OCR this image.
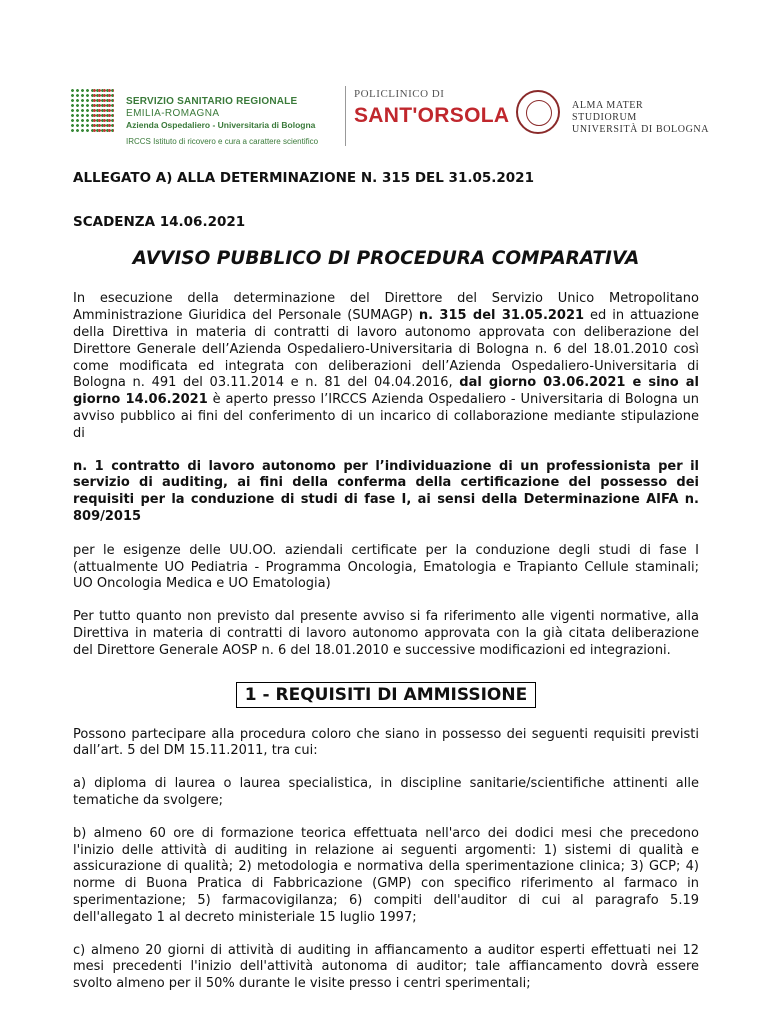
SERVIZIO SANITARIO REGIONALE
EMILIA-ROMAGNA
Azienda Ospedaliero - Universitaria di Bologna
IRCCS Istituto di ricovero e cura a carattere scientifico
POLICLINICO DI
SANT'ORSOLA	ALMA MATER STUDIORUM
UNIVERSITÀ DI BOLOGNA
ALLEGATO A) ALLA DETERMINAZIONE N. 315 DEL 31.05.2021
SCADENZA 14.06.2021
AVVISO PUBBLICO DI PROCEDURA COMPARATIVA

In esecuzione della determinazione del Direttore del Servizio Unico Metropolitano Amministrazione Giuridica del Personale (SUMAGP) n. 315 del 31.05.2021 ed in attuazione della Direttiva in materia di contratti di lavoro autonomo approvata con deliberazione del Direttore Generale dell’Azienda Ospedaliero-Universitaria di Bologna n. 6 del 18.01.2010 così come modificata ed integrata con deliberazioni dell’Azienda Ospedaliero-Universitaria di Bologna n. 491 del 03.11.2014 e n. 81 del 04.04.2016, dal giorno 03.06.2021 e sino al giorno 14.06.2021 è aperto presso l’IRCCS Azienda Ospedaliero - Universitaria di Bologna un avviso pubblico ai fini del conferimento di un incarico di collaborazione mediante stipulazione di

n. 1 contratto di lavoro autonomo per l’individuazione di un professionista per il servizio di auditing, ai fini della conferma della certificazione del possesso dei requisiti per la conduzione di studi di fase I, ai sensi della Determinazione AIFA n. 809/2015

per le esigenze delle UU.OO. aziendali certificate per la conduzione degli studi di fase I (attualmente UO Pediatria - Programma Oncologia, Ematologia e Trapianto Cellule staminali; UO Oncologia Medica e UO Ematologia)

Per tutto quanto non previsto dal presente avviso si fa riferimento alle vigenti normative, alla Direttiva in materia di contratti di lavoro autonomo approvata con la già citata deliberazione del Direttore Generale AOSP n. 6 del 18.01.2010 e successive modificazioni ed integrazioni.

1 - REQUISITI DI AMMISSIONE

Possono partecipare alla procedura coloro che siano in possesso dei seguenti requisiti previsti dall’art. 5 del DM 15.11.2011, tra cui:

a) diploma di laurea o laurea specialistica, in discipline sanitarie/scientifiche attinenti alle tematiche da svolgere;

b) almeno 60 ore di formazione teorica effettuata nell'arco dei dodici mesi che precedono l'inizio delle attività di auditing in relazione ai seguenti argomenti: 1) sistemi di qualità e assicurazione di qualità; 2) metodologia e normativa della sperimentazione clinica; 3) GCP; 4) norme di Buona Pratica di Fabbricazione (GMP) con specifico riferimento al farmaco in sperimentazione; 5) farmacovigilanza; 6) compiti dell'auditor di cui al paragrafo 5.19 dell'allegato 1 al decreto ministeriale 15 luglio 1997;

c) almeno 20 giorni di attività di auditing in affiancamento a auditor esperti effettuati nei 12 mesi precedenti l'inizio dell'attività autonoma di auditor; tale affiancamento dovrà essere svolto almeno per il 50% durante le visite presso i centri sperimentali;
